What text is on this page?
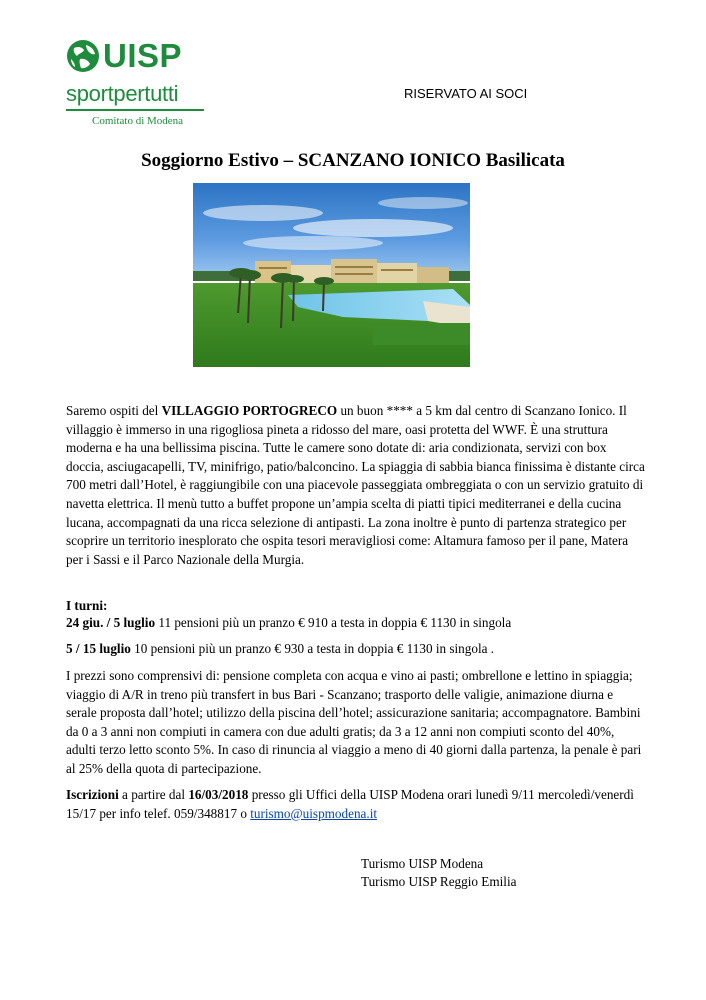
UISP
sportpertutti
Comitato di Modena
RISERVATO AI SOCI
Soggiorno Estivo – SCANZANO IONICO Basilicata

Saremo ospiti del VILLAGGIO PORTOGRECO un buon **** a 5 km dal centro di Scanzano Ionico. Il villaggio è immerso in una rigogliosa pineta a ridosso del mare, oasi protetta del WWF. È una struttura moderna e ha una bellissima piscina. Tutte le camere sono dotate di: aria condizionata, servizi con box doccia, asciugacapelli, TV, minifrigo, patio/balconcino. La spiaggia di sabbia bianca finissima è distante circa 700 metri dall’Hotel, è raggiungibile con una piacevole passeggiata ombreggiata o con un servizio gratuito di navetta elettrica. Il menù tutto a buffet propone un’ampia scelta di piatti tipici mediterranei e della cucina lucana, accompagnati da una ricca selezione di antipasti. La zona inoltre è punto di partenza strategico per scoprire un territorio inesplorato che ospita tesori meravigliosi come: Altamura famoso per il pane, Matera per i Sassi e il Parco Nazionale della Murgia.

I turni:

24 giu. / 5 luglio 11 pensioni più un pranzo € 910 a testa in doppia € 1130 in singola

5 / 15 luglio 10 pensioni più un pranzo € 930 a testa in doppia € 1130 in singola .

I prezzi sono comprensivi di: pensione completa con acqua e vino ai pasti; ombrellone e lettino in spiaggia; viaggio di A/R in treno più transfert in bus Bari - Scanzano; trasporto delle valigie, animazione diurna e serale proposta dall’hotel; utilizzo della piscina dell’hotel; assicurazione sanitaria; accompagnatore. Bambini da 0 a 3 anni non compiuti in camera con due adulti gratis; da 3 a 12 anni non compiuti sconto del 40%, adulti terzo letto sconto 5%. In caso di rinuncia al viaggio a meno di 40 giorni dalla partenza, la penale è pari al 25% della quota di partecipazione.

Iscrizioni a partire dal 16/03/2018 presso gli Uffici della UISP Modena orari lunedì 9/11 mercoledì/venerdì 15/17 per info telef. 059/348817 o turismo@uispmodena.it

Turismo UISP Modena

Turismo UISP Reggio Emilia
